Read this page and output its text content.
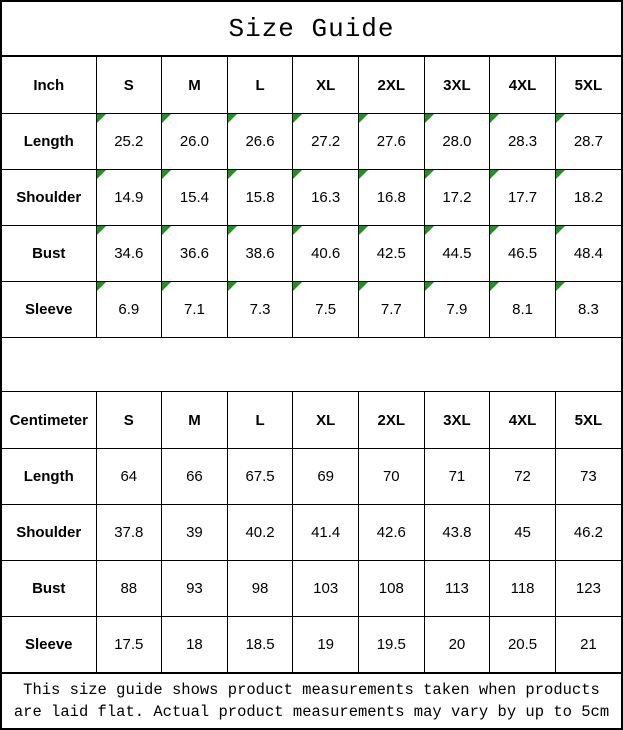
Size Guide
Inch	S	M	L	XL	2XL	3XL	4XL	5XL
Length	25.2	26.0	26.6	27.2	27.6	28.0	28.3	28.7
Shoulder	14.9	15.4	15.8	16.3	16.8	17.2	17.7	18.2
Bust	34.6	36.6	38.6	40.6	42.5	44.5	46.5	48.4
Sleeve	6.9	7.1	7.3	7.5	7.7	7.9	8.1	8.3
Centimeter	S	M	L	XL	2XL	3XL	4XL	5XL
Length	64	66	67.5	69	70	71	72	73
Shoulder	37.8	39	40.2	41.4	42.6	43.8	45	46.2
Bust	88	93	98	103	108	113	118	123
Sleeve	17.5	18	18.5	19	19.5	20	20.5	21
This size guide shows product measurements taken when products
are laid flat. Actual product measurements may vary by up to 5cm
